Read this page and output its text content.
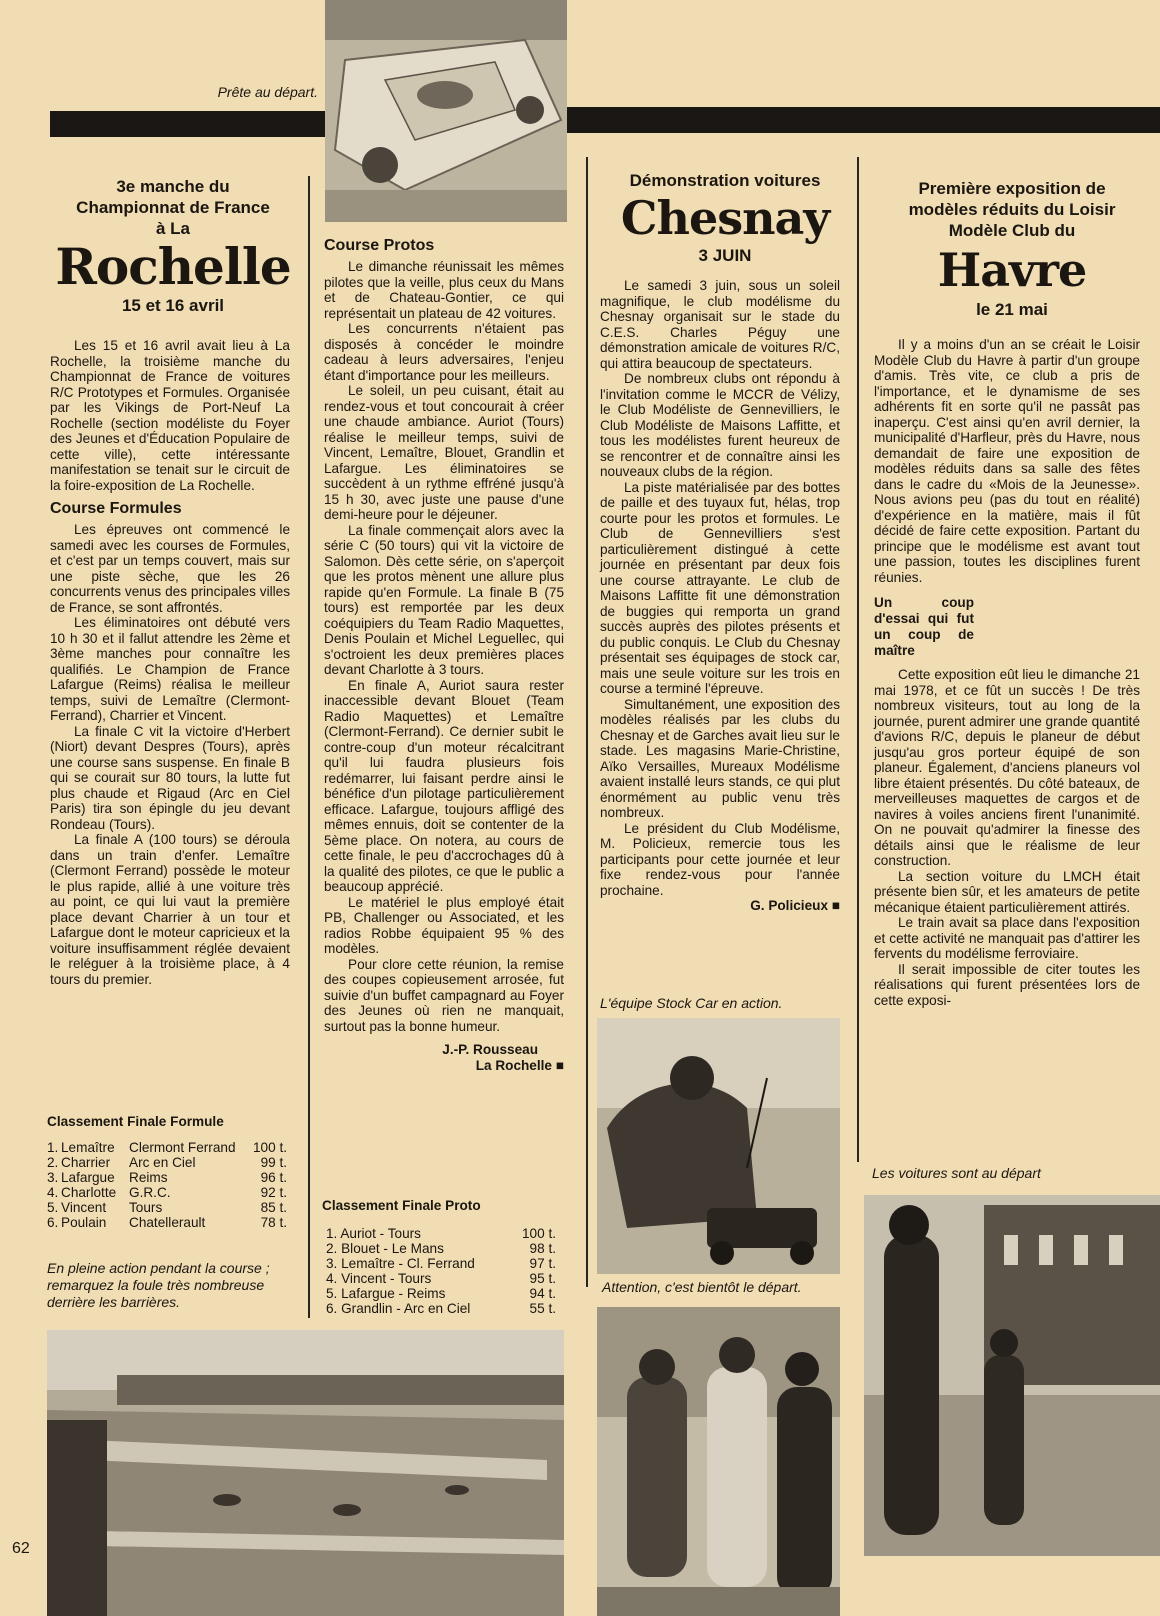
Prête au départ.
3e manche du Championnat de France à La
Rochelle
15 et 16 avril

Les 15 et 16 avril avait lieu à La Rochelle, la troisième manche du Championnat de France de voitures R/C Prototypes et Formules. Organisée par les Vikings de Port-Neuf La Rochelle (section modéliste du Foyer des Jeunes et d'Éducation Populaire de cette ville), cette intéressante manifestation se tenait sur le circuit de la foire-exposition de La Rochelle.

Course Formules

Les épreuves ont commencé le samedi avec les courses de Formules, et c'est par un temps couvert, mais sur une piste sèche, que les 26 concurrents venus des principales villes de France, se sont affrontés.

Les éliminatoires ont débuté vers 10 h 30 et il fallut attendre les 2ème et 3ème manches pour connaître les qualifiés. Le Champion de France Lafargue (Reims) réalisa le meilleur temps, suivi de Lemaître (Clermont-Ferrand), Charrier et Vincent.

La finale C vit la victoire d'Herbert (Niort) devant Despres (Tours), après une course sans suspense. En finale B qui se courait sur 80 tours, la lutte fut plus chaude et Rigaud (Arc en Ciel Paris) tira son épingle du jeu devant Rondeau (Tours).

La finale A (100 tours) se déroula dans un train d'enfer. Lemaître (Clermont Ferrand) possède le moteur le plus rapide, allié à une voiture très au point, ce qui lui vaut la première place devant Charrier à un tour et Lafargue dont le moteur capricieux et la voiture insuffisamment réglée devaient le reléguer à la troisième place, à 4 tours du premier.

Classement Finale Formule
1.	Lemaître	Clermont Ferrand	100 t.
2.	Charrier	Arc en Ciel	99 t.
3.	Lafargue	Reims	96 t.
4.	Charlotte	G.R.C.	92 t.
5.	Vincent	Tours	85 t.
6.	Poulain	Chatellerault	78 t.
En pleine action pendant la course ; remarquez la foule très nombreuse derrière les barrières.
Course Protos

Le dimanche réunissait les mêmes pilotes que la veille, plus ceux du Mans et de Chateau-Gontier, ce qui représentait un plateau de 42 voitures.

Les concurrents n'étaient pas disposés à concéder le moindre cadeau à leurs adversaires, l'enjeu étant d'importance pour les meilleurs.

Le soleil, un peu cuisant, était au rendez-vous et tout concourait à créer une chaude ambiance. Auriot (Tours) réalise le meilleur temps, suivi de Vincent, Lemaître, Blouet, Grandlin et Lafargue. Les éliminatoires se succèdent à un rythme effréné jusqu'à 15 h 30, avec juste une pause d'une demi-heure pour le déjeuner.

La finale commençait alors avec la série C (50 tours) qui vit la victoire de Salomon. Dès cette série, on s'aperçoit que les protos mènent une allure plus rapide qu'en Formule. La finale B (75 tours) est remportée par les deux coéquipiers du Team Radio Maquettes, Denis Poulain et Michel Leguellec, qui s'octroient les deux premières places devant Charlotte à 3 tours.

En finale A, Auriot saura rester inaccessible devant Blouet (Team Radio Maquettes) et Lemaître (Clermont-Ferrand). Ce dernier subit le contre-coup d'un moteur récalcitrant qu'il lui faudra plusieurs fois redémarrer, lui faisant perdre ainsi le bénéfice d'un pilotage particulièrement efficace. Lafargue, toujours affligé des mêmes ennuis, doit se contenter de la 5ème place. On notera, au cours de cette finale, le peu d'accrochages dû à la qualité des pilotes, ce que le public a beaucoup apprécié.

Le matériel le plus employé était PB, Challenger ou Associated, et les radios Robbe équipaient 95 % des modèles.

Pour clore cette réunion, la remise des coupes copieusement arrosée, fut suivie d'un buffet campagnard au Foyer des Jeunes où rien ne manquait, surtout pas la bonne humeur.

J.-P. Rousseau
La Rochelle ■
Classement Finale Proto
1. Auriot - Tours	100 t.
2. Blouet - Le Mans	98 t.
3. Lemaître - Cl. Ferrand	97 t.
4. Vincent - Tours	95 t.
5. Lafargue - Reims	94 t.
6. Grandlin - Arc en Ciel	55 t.
Démonstration voitures
Chesnay
3 JUIN

Le samedi 3 juin, sous un soleil magnifique, le club modélisme du Chesnay organisait sur le stade du C.E.S. Charles Péguy une démonstration amicale de voitures R/C, qui attira beaucoup de spectateurs.

De nombreux clubs ont répondu à l'invitation comme le MCCR de Vélizy, le Club Modéliste de Gennevilliers, le Club Modéliste de Maisons Laffitte, et tous les modélistes furent heureux de se rencontrer et de connaître ainsi les nouveaux clubs de la région.

La piste matérialisée par des bottes de paille et des tuyaux fut, hélas, trop courte pour les protos et formules. Le Club de Gennevilliers s'est particulièrement distingué à cette journée en présentant par deux fois une course attrayante. Le club de Maisons Laffitte fit une démonstration de buggies qui remporta un grand succès auprès des pilotes présents et du public conquis. Le Club du Chesnay présentait ses équipages de stock car, mais une seule voiture sur les trois en course a terminé l'épreuve.

Simultanément, une exposition des modèles réalisés par les clubs du Chesnay et de Garches avait lieu sur le stade. Les magasins Marie-Christine, Aïko Versailles, Mureaux Modélisme avaient installé leurs stands, ce qui plut énormément au public venu très nombreux.

Le président du Club Modélisme, M. Policieux, remercie tous les participants pour cette journée et leur fixe rendez-vous pour l'année prochaine.

G. Policieux ■
L'équipe Stock Car en action.
Attention, c'est bientôt le départ.
Première exposition de modèles réduits du Loisir Modèle Club du
Havre
le 21 mai

Il y a moins d'un an se créait le Loisir Modèle Club du Havre à partir d'un groupe d'amis. Très vite, ce club a pris de l'importance, et le dynamisme de ses adhérents fit en sorte qu'il ne passât pas inaperçu. C'est ainsi qu'en avril dernier, la municipalité d'Harfleur, près du Havre, nous demandait de faire une exposition de modèles réduits dans sa salle des fêtes dans le cadre du «Mois de la Jeunesse». Nous avions peu (pas du tout en réalité) d'expérience en la matière, mais il fût décidé de faire cette exposition. Partant du principe que le modélisme est avant tout une passion, toutes les disciplines furent réunies.

Un coup d'essai qui fut un coup de maître

Cette exposition eût lieu le dimanche 21 mai 1978, et ce fût un succès ! De très nombreux visiteurs, tout au long de la journée, purent admirer une grande quantité d'avions R/C, depuis le planeur de début jusqu'au gros porteur équipé de son planeur. Également, d'anciens planeurs vol libre étaient présentés. Du côté bateaux, de merveilleuses maquettes de cargos et de navires à voiles anciens firent l'unanimité. On ne pouvait qu'admirer la finesse des détails ainsi que le réalisme de leur construction.

La section voiture du LMCH était présente bien sûr, et les amateurs de petite mécanique étaient particulièrement attirés.

Le train avait sa place dans l'exposition et cette activité ne manquait pas d'attirer les fervents du modélisme ferroviaire.

Il serait impossible de citer toutes les réalisations qui furent présentées lors de cette exposi-

Les voitures sont au départ
62
